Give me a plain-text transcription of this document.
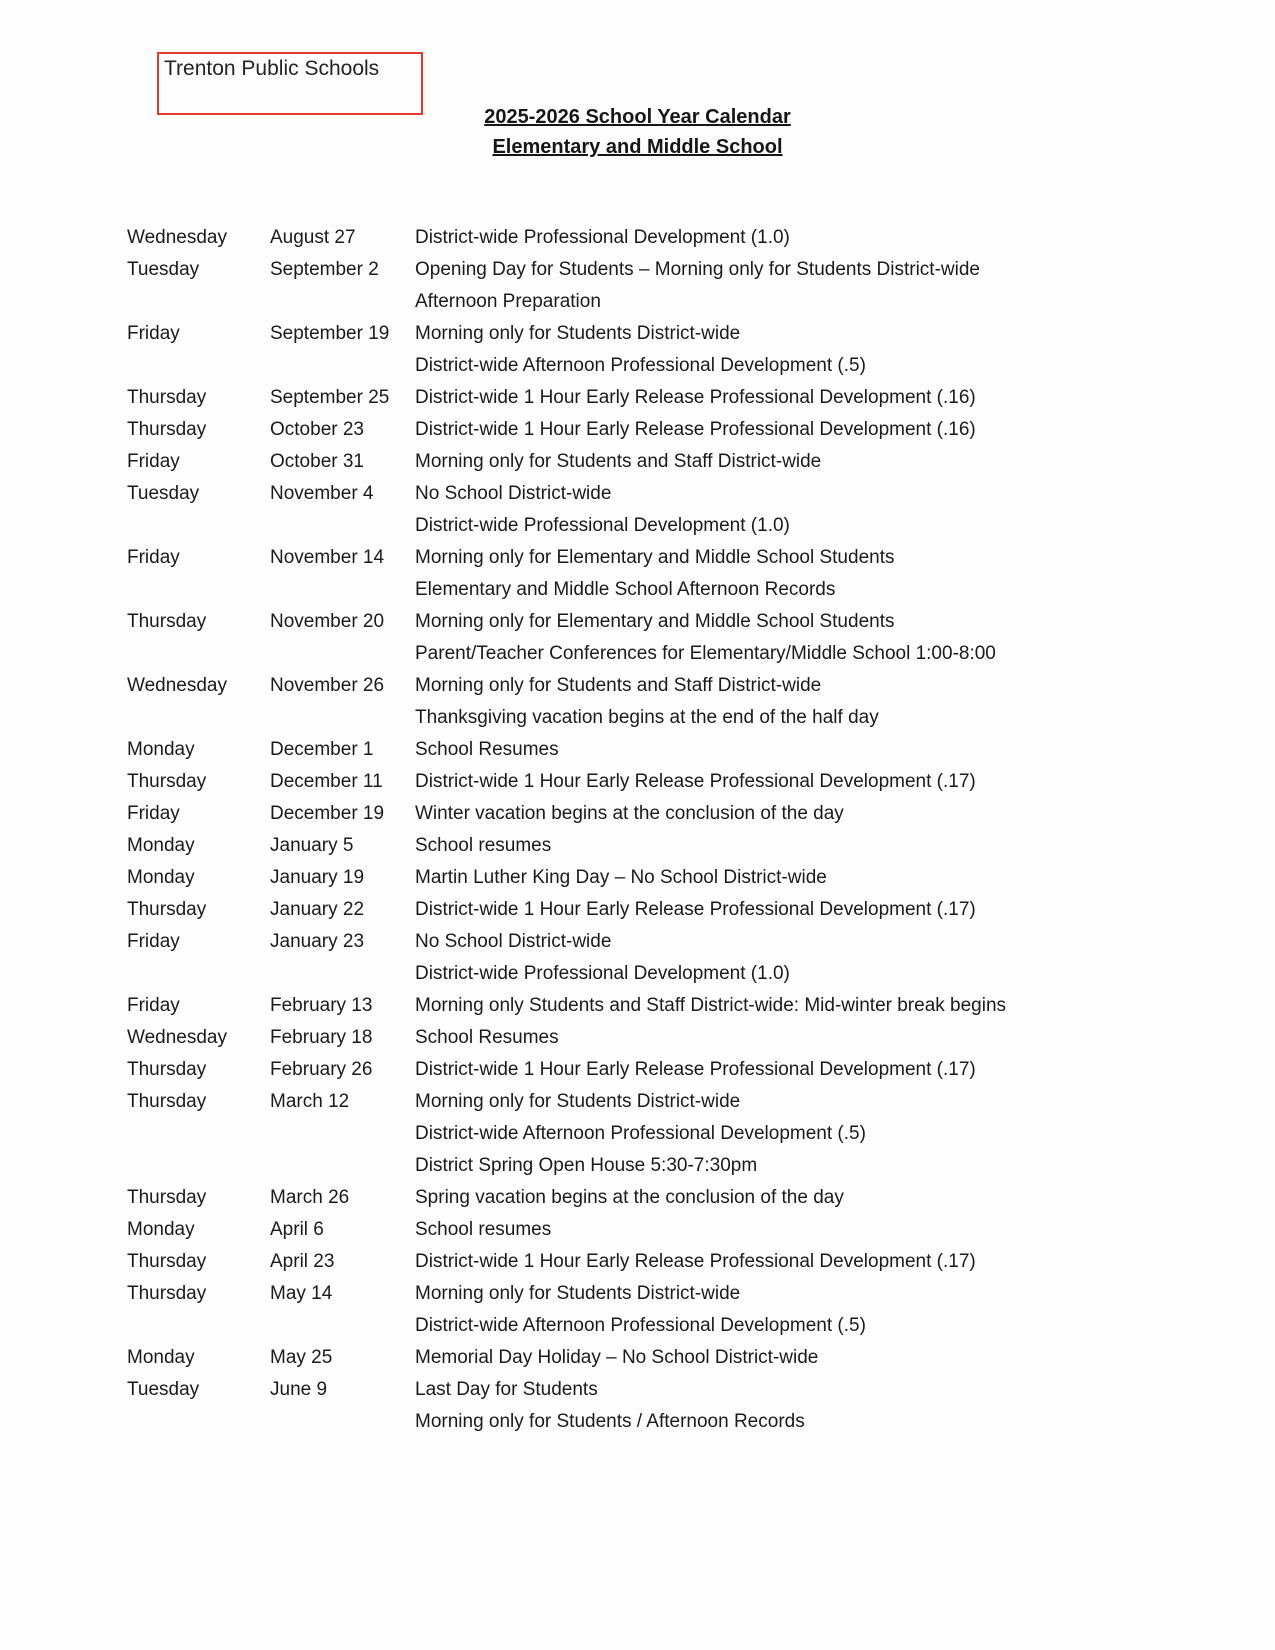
Trenton Public Schools
2025-2026 School Year Calendar
Elementary and Middle School
Wednesday	August 27	District-wide Professional Development (1.0)
Tuesday	September 2	Opening Day for Students – Morning only for Students District-wide
Afternoon Preparation
Friday	September 19	Morning only for Students District-wide
District-wide Afternoon Professional Development (.5)
Thursday	September 25	District-wide 1 Hour Early Release Professional Development (.16)
Thursday	October 23	District-wide 1 Hour Early Release Professional Development (.16)
Friday	October 31	Morning only for Students and Staff District-wide
Tuesday	November 4	No School District-wide
District-wide Professional Development (1.0)
Friday	November 14	Morning only for Elementary and Middle School Students
Elementary and Middle School Afternoon Records
Thursday	November 20	Morning only for Elementary and Middle School Students
Parent/Teacher Conferences for Elementary/Middle School 1:00-8:00
Wednesday	November 26	Morning only for Students and Staff District-wide
Thanksgiving vacation begins at the end of the half day
Monday	December 1	School Resumes
Thursday	December 11	District-wide 1 Hour Early Release Professional Development (.17)
Friday	December 19	Winter vacation begins at the conclusion of the day
Monday	January 5	School resumes
Monday	January 19	Martin Luther King Day – No School District-wide
Thursday	January 22	District-wide 1 Hour Early Release Professional Development (.17)
Friday	January 23	No School District-wide
District-wide Professional Development (1.0)
Friday	February 13	Morning only Students and Staff District-wide: Mid-winter break begins
Wednesday	February 18	School Resumes
Thursday	February 26	District-wide 1 Hour Early Release Professional Development (.17)
Thursday	March 12	Morning only for Students District-wide
District-wide Afternoon Professional Development (.5)
District Spring Open House 5:30-7:30pm
Thursday	March 26	Spring vacation begins at the conclusion of the day
Monday	April 6	School resumes
Thursday	April 23	District-wide 1 Hour Early Release Professional Development (.17)
Thursday	May 14	Morning only for Students District-wide
District-wide Afternoon Professional Development (.5)
Monday	May 25	Memorial Day Holiday – No School District-wide
Tuesday	June 9	Last Day for Students
Morning only for Students / Afternoon Records
